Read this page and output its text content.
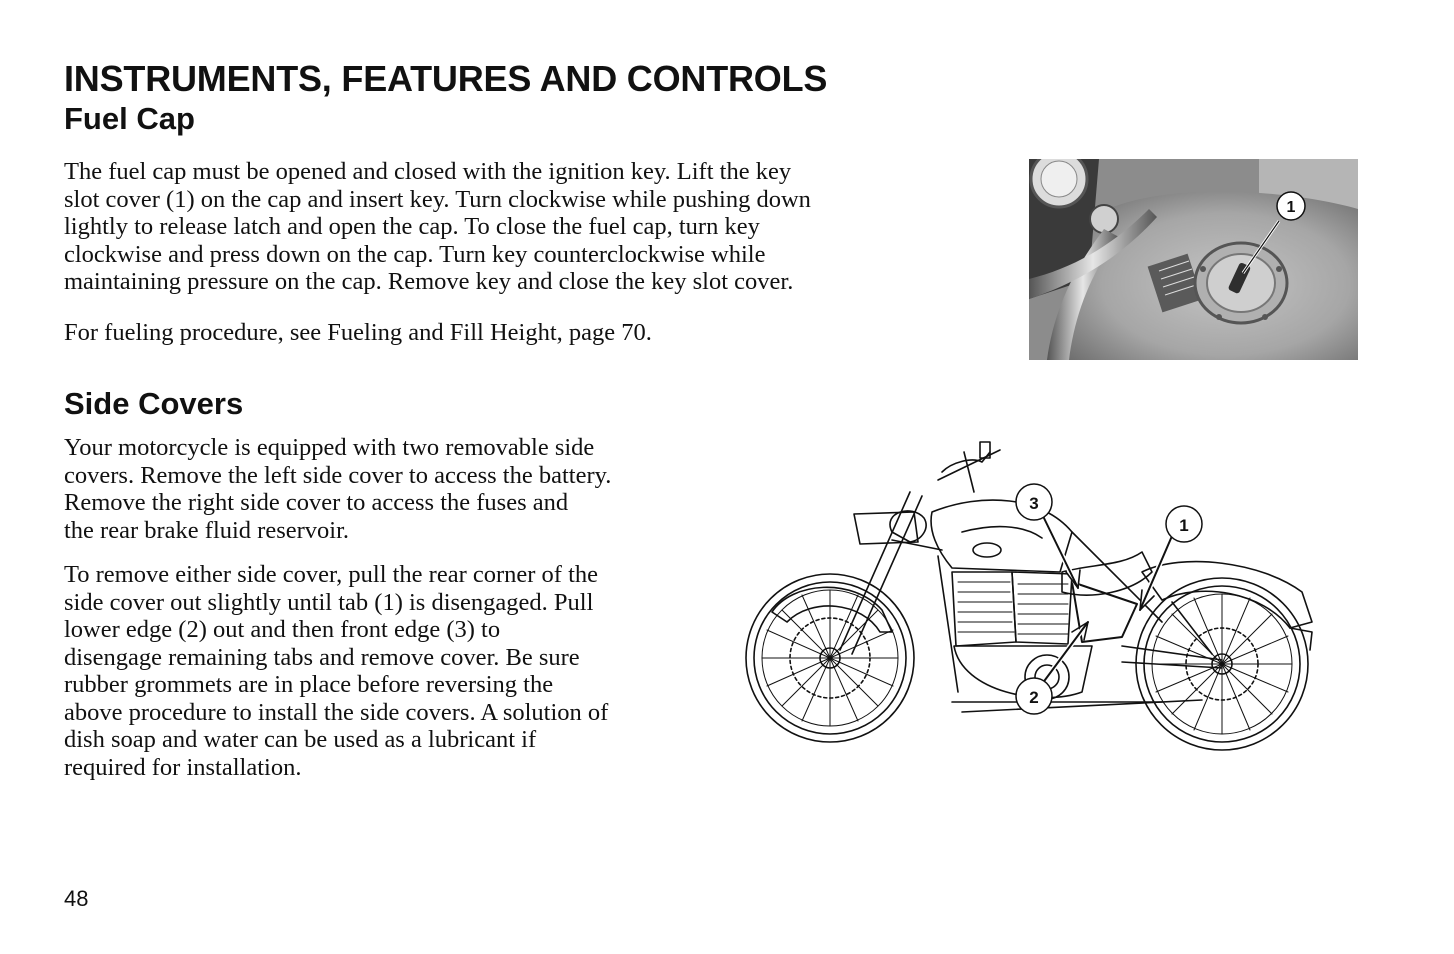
INSTRUMENTS, FEATURES AND CONTROLS
Fuel Cap

The fuel cap must be opened and closed with the ignition key. Lift the key
slot cover (1) on the cap and insert key. Turn clockwise while pushing down
lightly to release latch and open the cap. To close the fuel cap, turn key
clockwise and press down on the cap. Turn key counterclockwise while
maintaining pressure on the cap. Remove key and close the key slot cover.

For fueling procedure, see Fueling and Fill Height, page 70.

1
Side Covers

Your motorcycle is equipped with two removable side
covers. Remove the left side cover to access the battery.
Remove the right side cover to access the fuses and
the rear brake fluid reservoir.

To remove either side cover, pull the rear corner of the
side cover out slightly until tab (1) is disengaged. Pull
lower edge (2) out and then front edge (3) to
disengage remaining tabs and remove cover. Be sure
rubber grommets are in place before reversing the
above procedure to install the side covers. A solution of
dish soap and water can be used as a lubricant if
required for installation.

3
1
2
48
